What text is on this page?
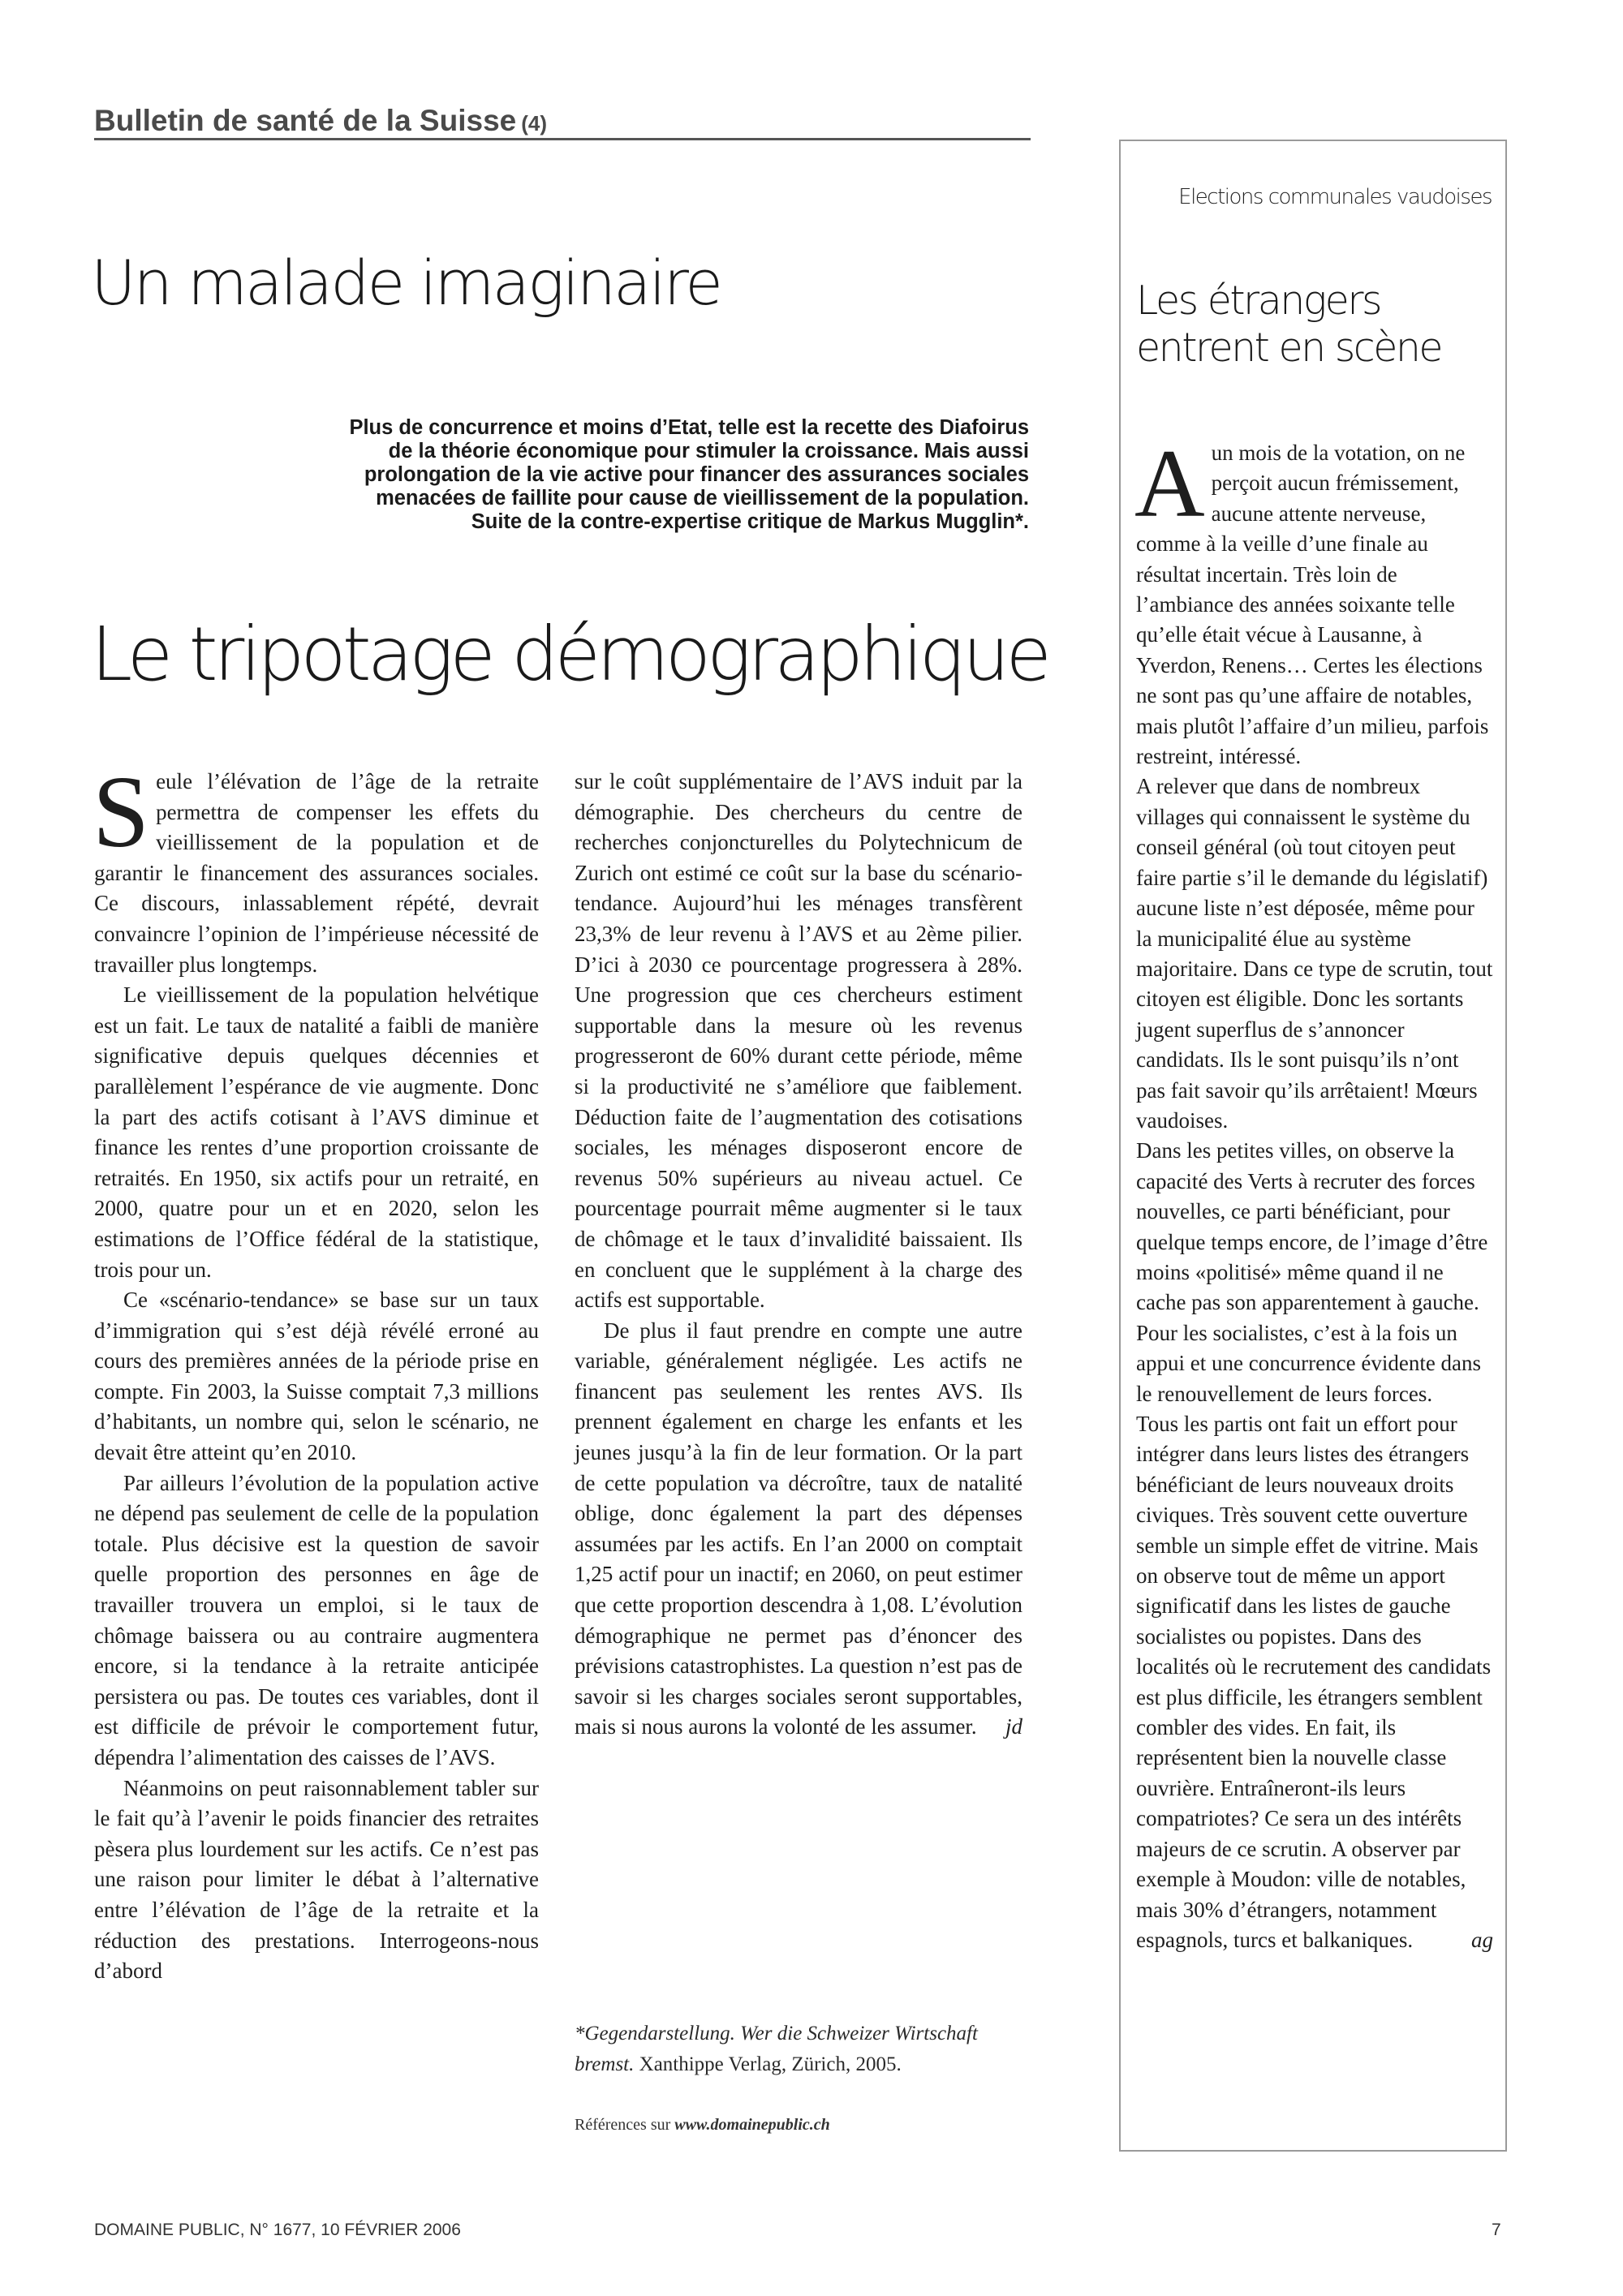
Bulletin de santé de la Suisse (4)
Un malade imaginaire

Plus de concurrence et moins d’Etat, telle est la recette des Diafoirus

de la théorie économique pour stimuler la croissance. Mais aussi

prolongation de la vie active pour financer des assurances sociales

menacées de faillite pour cause de vieillissement de la population.

Suite de la contre-expertise critique de Markus Mugglin*.

Le tripotage démographique

Seule l’élévation de l’âge de la retraite permettra de compenser les effets du vieillissement de la population et de garantir le financement des assurances sociales. Ce discours, inlassablement répété, devrait convaincre l’opinion de l’impérieuse nécessité de travailler plus longtemps.

Le vieillissement de la population helvétique est un fait. Le taux de natalité a faibli de manière significative depuis quelques décennies et parallèlement l’espérance de vie augmente. Donc la part des actifs cotisant à l’AVS diminue et finance les rentes d’une proportion croissante de retraités. En 1950, six actifs pour un retraité, en 2000, quatre pour un et en 2020, selon les estimations de l’Office fédéral de la statistique, trois pour un.

Ce «scénario-tendance» se base sur un taux d’immigration qui s’est déjà révélé erroné au cours des premières années de la période prise en compte. Fin 2003, la Suisse comptait 7,3 millions d’habitants, un nombre qui, selon le scénario, ne devait être atteint qu’en 2010.

Par ailleurs l’évolution de la population active ne dépend pas seulement de celle de la population totale. Plus décisive est la question de savoir quelle proportion des personnes en âge de travailler trouvera un emploi, si le taux de chômage baissera ou au contraire augmentera encore, si la tendance à la retraite anticipée persistera ou pas. De toutes ces variables, dont il est difficile de prévoir le comportement futur, dépendra l’alimentation des caisses de l’AVS.

Néanmoins on peut raisonnablement tabler sur le fait qu’à l’avenir le poids financier des retraites pèsera plus lourdement sur les actifs. Ce n’est pas une raison pour limiter le débat à l’alternative entre l’élévation de l’âge de la retraite et la réduction des prestations. Interrogeons-nous d’abord

sur le coût supplémentaire de l’AVS induit par la démographie. Des chercheurs du centre de recherches conjoncturelles du Polytechnicum de Zurich ont estimé ce coût sur la base du scénario-tendance. Aujourd’hui les ménages transfèrent 23,3% de leur revenu à l’AVS et au 2ème pilier. D’ici à 2030 ce pourcentage progressera à 28%. Une progression que ces chercheurs estiment supportable dans la mesure où les revenus progresseront de 60% durant cette période, même si la productivité ne s’améliore que faiblement. Déduction faite de l’augmentation des cotisations sociales, les ménages disposeront encore de revenus 50% supérieurs au niveau actuel. Ce pourcentage pourrait même augmenter si le taux de chômage et le taux d’invalidité baissaient. Ils en concluent que le supplément à la charge des actifs est supportable.

De plus il faut prendre en compte une autre variable, généralement négligée. Les actifs ne financent pas seulement les rentes AVS. Ils prennent également en charge les enfants et les jeunes jusqu’à la fin de leur formation. Or la part de cette population va décroître, taux de natalité oblige, donc également la part des dépenses assumées par les actifs. En l’an 2000 on comptait 1,25 actif pour un inactif; en 2060, on peut estimer que cette proportion descendra à 1,08. L’évolution démographique ne permet pas d’énoncer des prévisions catastrophistes. La question n’est pas de savoir si les charges sociales seront supportables, mais si nous aurons la volonté de les assumer.	jd
*Gegendarstellung. Wer die Schweizer Wirtschaft bremst. Xanthippe Verlag, Zürich, 2005.
Références sur www.domainepublic.ch
Elections communales vaudoises
Les étrangers entrent en scène

Aun mois de la votation, on ne perçoit aucun frémissement, aucune attente nerveuse, comme à la veille d’une finale au résultat incertain. Très loin de l’ambiance des années soixante telle qu’elle était vécue à Lausanne, à Yverdon, Renens… Certes les élections ne sont pas qu’une affaire de notables, mais plutôt l’affaire d’un milieu, parfois restreint, intéressé.

A relever que dans de nombreux villages qui connaissent le système du conseil général (où tout citoyen peut faire partie s’il le demande du législatif) aucune liste n’est déposée, même pour la municipalité élue au système majoritaire. Dans ce type de scrutin, tout citoyen est éligible. Donc les sortants jugent superflus de s’annoncer candidats. Ils le sont puisqu’ils n’ont pas fait savoir qu’ils arrêtaient! Mœurs vaudoises.

Dans les petites villes, on observe la capacité des Verts à recruter des forces nouvelles, ce parti bénéficiant, pour quelque temps encore, de l’image d’être moins «politisé» même quand il ne cache pas son apparentement à gauche. Pour les socialistes, c’est à la fois un appui et une concurrence évidente dans le renouvellement de leurs forces.

Tous les partis ont fait un effort pour intégrer dans leurs listes des étrangers bénéficiant de leurs nouveaux droits civiques. Très souvent cette ouverture semble un simple effet de vitrine. Mais on observe tout de même un apport significatif dans les listes de gauche socialistes ou popistes. Dans des localités où le recrutement des candidats est plus difficile, les étrangers semblent combler des vides. En fait, ils représentent bien la nouvelle classe ouvrière. Entraîneront-ils leurs compatriotes? Ce sera un des intérêts majeurs de ce scrutin. A observer par exemple à Moudon: ville de notables, mais 30% d’étrangers, notamment espagnols, turcs et balkaniques.	ag
DOMAINE PUBLIC, N° 1677, 10 FÉVRIER 2006	7
